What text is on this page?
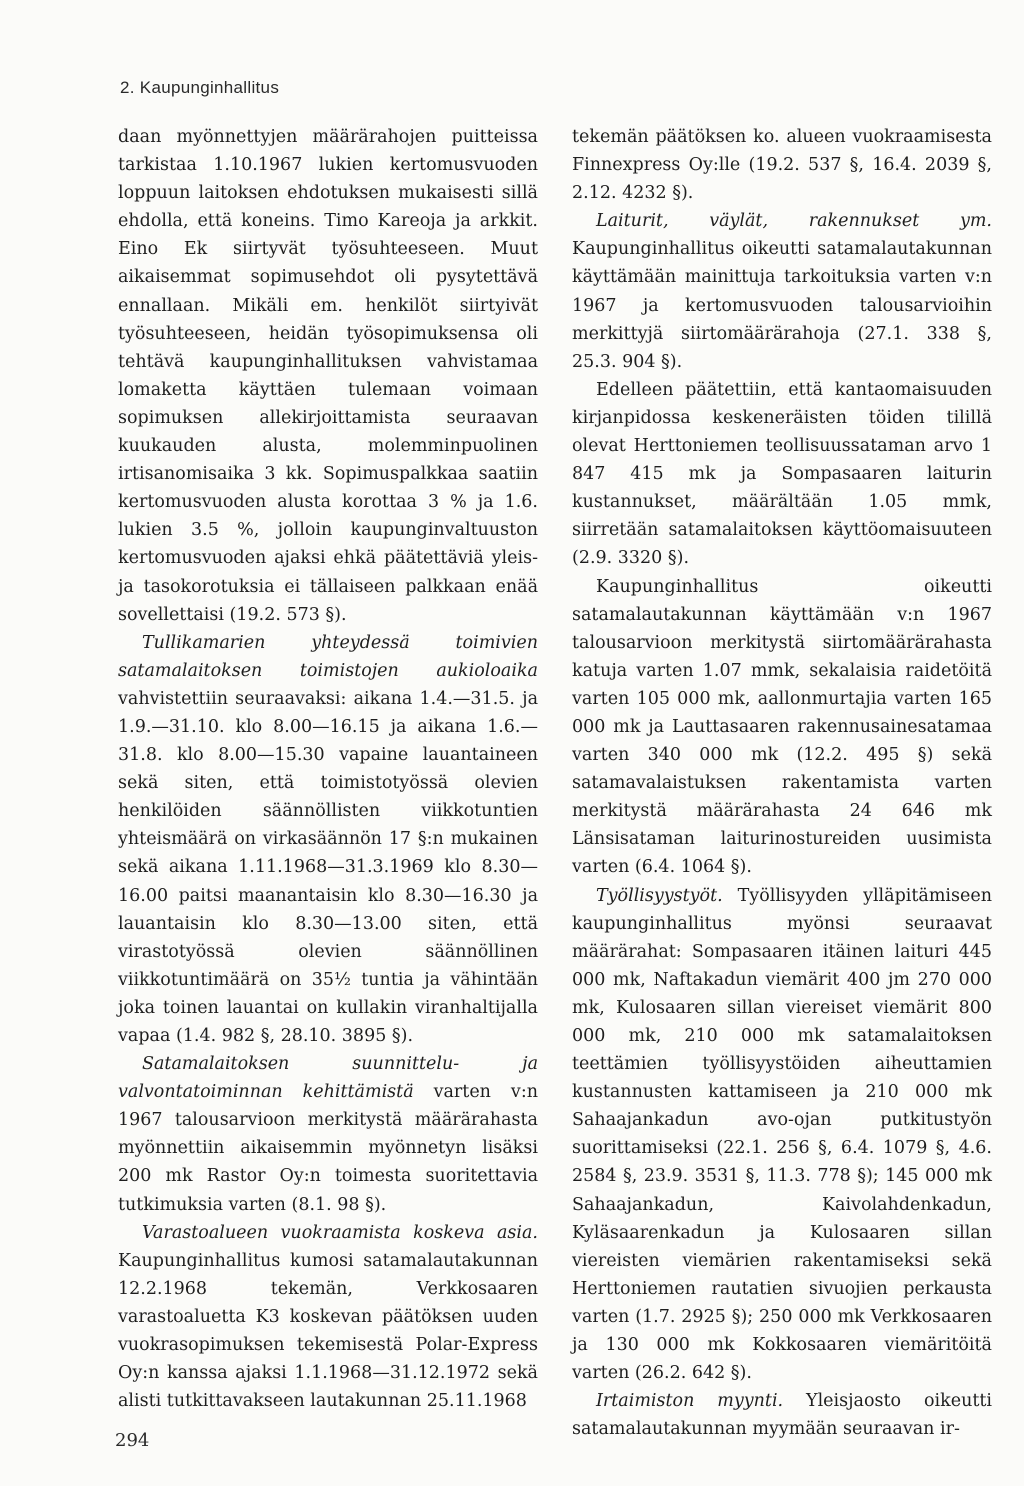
2. Kaupunginhallitus

daan myönnettyjen määrärahojen puitteissa tarkistaa 1.10.1967 lukien kertomusvuoden loppuun laitoksen ehdotuksen mukaisesti sillä ehdolla, että koneins. Timo Kareoja ja arkkit. Eino Ek siirtyvät työsuhteeseen. Muut aikaisemmat sopimusehdot oli pysytettävä ennallaan. Mikäli em. henkilöt siirtyivät työsuhteeseen, heidän työsopimuksensa oli tehtävä kaupunginhallituksen vahvistamaa lomaketta käyttäen tulemaan voimaan sopimuksen allekirjoittamista seuraavan kuukauden alusta, molemminpuolinen irtisanomisaika 3 kk. Sopimuspalkkaa saatiin kertomusvuoden alusta korottaa 3 % ja 1.6. lukien 3.5 %, jolloin kaupunginvaltuuston kertomusvuoden ajaksi ehkä päätettäviä yleis- ja tasokorotuksia ei tällaiseen palkkaan enää sovellettaisi (19.2. 573 §).

Tullikamarien yhteydessä toimivien satamalaitoksen toimistojen aukioloaika vahvistettiin seuraavaksi: aikana 1.4.—31.5. ja 1.9.—31.10. klo 8.00—16.15 ja aikana 1.6.—31.8. klo 8.00—15.30 vapaine lauantaineen sekä siten, että toimistotyössä olevien henkilöiden säännöllisten viikkotuntien yhteismäärä on virkasäännön 17 §:n mukainen sekä aikana 1.11.1968—31.3.1969 klo 8.30—16.00 paitsi maanantaisin klo 8.30—16.30 ja lauantaisin klo 8.30—13.00 siten, että virastotyössä olevien säännöllinen viikkotuntimäärä on 35½ tuntia ja vähintään joka toinen lauantai on kullakin viranhaltijalla vapaa (1.4. 982 §, 28.10. 3895 §).

Satamalaitoksen suunnittelu- ja valvontatoiminnan kehittämistä varten v:n 1967 talousarvioon merkitystä määrärahasta myönnettiin aikaisemmin myönnetyn lisäksi 200 mk Rastor Oy:n toimesta suoritettavia tutkimuksia varten (8.1. 98 §).

Varastoalueen vuokraamista koskeva asia. Kaupunginhallitus kumosi satamalautakunnan 12.2.1968 tekemän, Verkkosaaren varastoaluetta K3 koskevan päätöksen uuden vuokrasopimuksen tekemisestä Polar-Express Oy:n kanssa ajaksi 1.1.1968—31.12.1972 sekä alisti tutkittavakseen lautakunnan 25.11.1968

tekemän päätöksen ko. alueen vuokraamisesta Finnexpress Oy:lle (19.2. 537 §, 16.4. 2039 §, 2.12. 4232 §).

Laiturit, väylät, rakennukset ym. Kaupunginhallitus oikeutti satamalautakunnan käyttämään mainittuja tarkoituksia varten v:n 1967 ja kertomusvuoden talousarvioihin merkittyjä siirtomäärärahoja (27.1. 338 §, 25.3. 904 §).

Edelleen päätettiin, että kantaomaisuuden kirjanpidossa keskeneräisten töiden tilillä olevat Herttoniemen teollisuussataman arvo 1 847 415 mk ja Sompasaaren laiturin kustannukset, määrältään 1.05 mmk, siirretään satamalaitoksen käyttöomaisuuteen (2.9. 3320 §).

Kaupunginhallitus oikeutti satamalautakunnan käyttämään v:n 1967 talousarvioon merkitystä siirtomäärärahasta katuja varten 1.07 mmk, sekalaisia raidetöitä varten 105 000 mk, aallonmurtajia varten 165 000 mk ja Lauttasaaren rakennusainesatamaa varten 340 000 mk (12.2. 495 §) sekä satamavalaistuksen rakentamista varten merkitystä määrärahasta 24 646 mk Länsisataman laiturinostureiden uusimista varten (6.4. 1064 §).

Työllisyystyöt. Työllisyyden ylläpitämiseen kaupunginhallitus myönsi seuraavat määrärahat: Sompasaaren itäinen laituri 445 000 mk, Naftakadun viemärit 400 jm 270 000 mk, Kulosaaren sillan viereiset viemärit 800 000 mk, 210 000 mk satamalaitoksen teettämien työllisyystöiden aiheuttamien kustannusten kattamiseen ja 210 000 mk Sahaajankadun avo-ojan putkitustyön suorittamiseksi (22.1. 256 §, 6.4. 1079 §, 4.6. 2584 §, 23.9. 3531 §, 11.3. 778 §); 145 000 mk Sahaajankadun, Kaivolahdenkadun, Kyläsaarenkadun ja Kulosaaren sillan viereisten viemärien rakentamiseksi sekä Herttoniemen rautatien sivuojien perkausta varten (1.7. 2925 §); 250 000 mk Verkkosaaren ja 130 000 mk Kokkosaaren viemäritöitä varten (26.2. 642 §).

Irtaimiston myynti. Yleisjaosto oikeutti satamalautakunnan myymään seuraavan ir-

294
